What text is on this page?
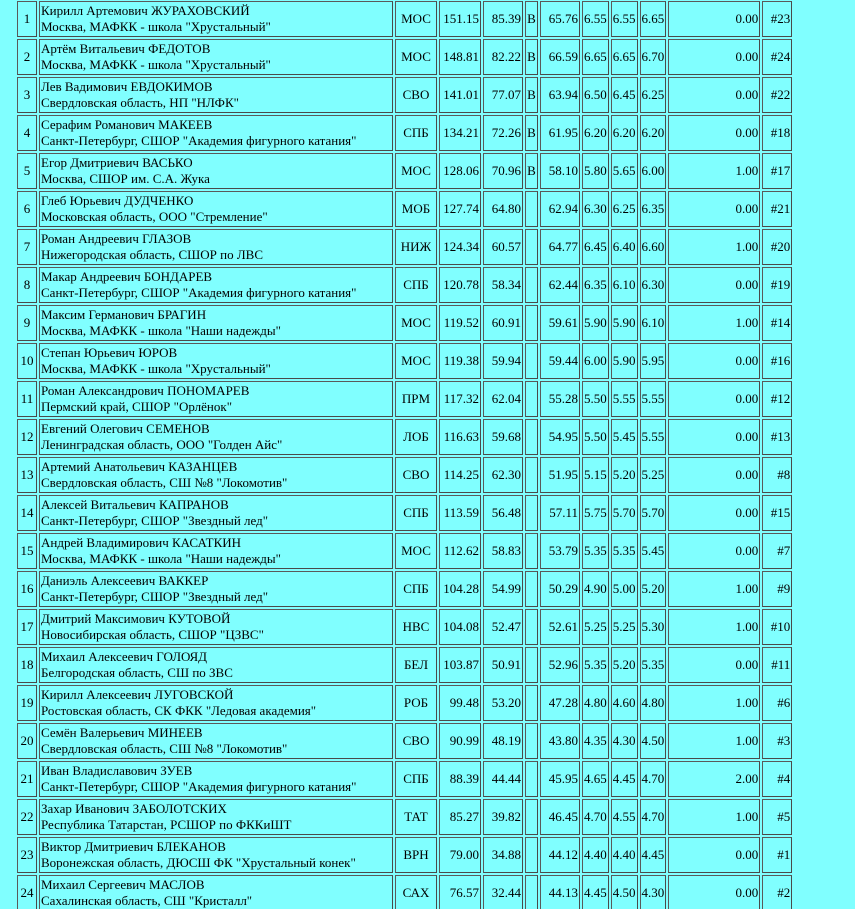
1	Кирилл Артемович ЖУРАХОВСКИЙ
Москва, МАФКК - школа "Хрустальный"	МОС	151.15	85.39	B	65.76	6.55	6.55	6.65	0.00	#23
2	Артём Витальевич ФЕДОТОВ
Москва, МАФКК - школа "Хрустальный"	МОС	148.81	82.22	B	66.59	6.65	6.65	6.70	0.00	#24
3	Лев Вадимович ЕВДОКИМОВ
Свердловская область, НП "НЛФК"	СВО	141.01	77.07	B	63.94	6.50	6.45	6.25	0.00	#22
4	Серафим Романович МАКЕЕВ
Санкт-Петербург, СШОР "Академия фигурного катания"	СПБ	134.21	72.26	B	61.95	6.20	6.20	6.20	0.00	#18
5	Егор Дмитриевич ВАСЬКО
Москва, СШОР им. С.А. Жука	МОС	128.06	70.96	B	58.10	5.80	5.65	6.00	1.00	#17
6	Глеб Юрьевич ДУДЧЕНКО
Московская область, ООО "Стремление"	МОБ	127.74	64.80		62.94	6.30	6.25	6.35	0.00	#21
7	Роман Андреевич ГЛАЗОВ
Нижегородская область, СШОР по ЛВС	НИЖ	124.34	60.57		64.77	6.45	6.40	6.60	1.00	#20
8	Макар Андреевич БОНДАРЕВ
Санкт-Петербург, СШОР "Академия фигурного катания"	СПБ	120.78	58.34		62.44	6.35	6.10	6.30	0.00	#19
9	Максим Германович БРАГИН
Москва, МАФКК - школа "Наши надежды"	МОС	119.52	60.91		59.61	5.90	5.90	6.10	1.00	#14
10	Степан Юрьевич ЮРОВ
Москва, МАФКК - школа "Хрустальный"	МОС	119.38	59.94		59.44	6.00	5.90	5.95	0.00	#16
11	Роман Александрович ПОНОМАРЕВ
Пермский край, СШОР "Орлёнок"	ПРМ	117.32	62.04		55.28	5.50	5.55	5.55	0.00	#12
12	Евгений Олегович СЕМЕНОВ
Ленинградская область, ООО "Голден Айс"	ЛОБ	116.63	59.68		54.95	5.50	5.45	5.55	0.00	#13
13	Артемий Анатольевич КАЗАНЦЕВ
Свердловская область, СШ №8 "Локомотив"	СВО	114.25	62.30		51.95	5.15	5.20	5.25	0.00	#8
14	Алексей Витальевич КАПРАНОВ
Санкт-Петербург, СШОР "Звездный лед"	СПБ	113.59	56.48		57.11	5.75	5.70	5.70	0.00	#15
15	Андрей Владимирович КАСАТКИН
Москва, МАФКК - школа "Наши надежды"	МОС	112.62	58.83		53.79	5.35	5.35	5.45	0.00	#7
16	Даниэль Алексеевич ВАККЕР
Санкт-Петербург, СШОР "Звездный лед"	СПБ	104.28	54.99		50.29	4.90	5.00	5.20	1.00	#9
17	Дмитрий Максимович КУТОВОЙ
Новосибирская область, СШОР "ЦЗВС"	НВС	104.08	52.47		52.61	5.25	5.25	5.30	1.00	#10
18	Михаил Алексеевич ГОЛОЯД
Белгородская область, СШ по ЗВС	БЕЛ	103.87	50.91		52.96	5.35	5.20	5.35	0.00	#11
19	Кирилл Алексеевич ЛУГОВСКОЙ
Ростовская область, СК ФКК "Ледовая академия"	РОБ	99.48	53.20		47.28	4.80	4.60	4.80	1.00	#6
20	Семён Валерьевич МИНЕЕВ
Свердловская область, СШ №8 "Локомотив"	СВО	90.99	48.19		43.80	4.35	4.30	4.50	1.00	#3
21	Иван Владиславович ЗУЕВ
Санкт-Петербург, СШОР "Академия фигурного катания"	СПБ	88.39	44.44		45.95	4.65	4.45	4.70	2.00	#4
22	Захар Иванович ЗАБОЛОТСКИХ
Республика Татарстан, РСШОР по ФККиШТ	ТАТ	85.27	39.82		46.45	4.70	4.55	4.70	1.00	#5
23	Виктор Дмитриевич БЛЕКАНОВ
Воронежская область, ДЮСШ ФК "Хрустальный конек"	ВРН	79.00	34.88		44.12	4.40	4.40	4.45	0.00	#1
24	Михаил Сергеевич МАСЛОВ
Сахалинская область, СШ "Кристалл"	САХ	76.57	32.44		44.13	4.45	4.50	4.30	0.00	#2
